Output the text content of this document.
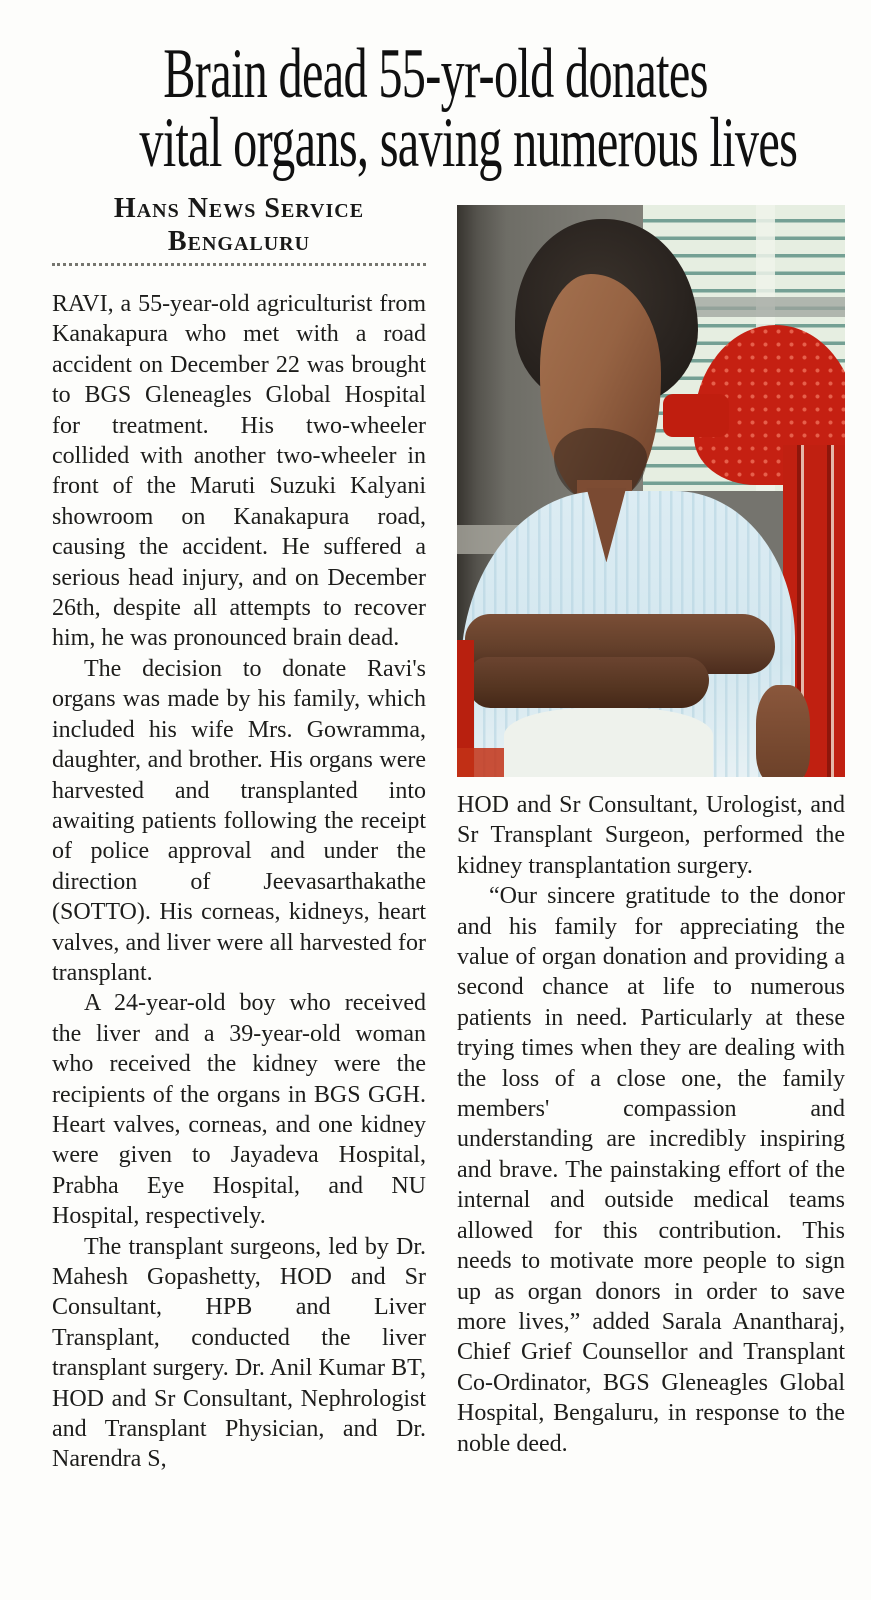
Brain dead 55-yr-old donates
vital organs, saving numerous lives
Hans News Service
Bengaluru

RAVI, a 55-year-old agriculturist from Kanakapura who met with a road accident on December 22 was brought to BGS Gleneagles Global Hospital for treatment. His two-wheeler collided with another two-wheeler in front of the Maruti Suzuki Kalyani showroom on Kanakapura road, causing the accident. He suffered a serious head injury, and on December 26th, despite all attempts to recover him, he was pronounced brain dead.

The decision to donate Ravi's organs was made by his family, which included his wife Mrs. Gowramma, daughter, and brother. His organs were harvested and transplanted into awaiting patients following the receipt of police approval and under the direction of Jeevasarthakathe (SOTTO). His corneas, kidneys, heart valves, and liver were all harvested for transplant.

A 24-year-old boy who received the liver and a 39-year-old woman who received the kidney were the recipients of the organs in BGS GGH. Heart valves, corneas, and one kidney were given to Jayadeva Hospital, Prabha Eye Hospital, and NU Hospital, respectively.

The transplant surgeons, led by Dr. Mahesh Gopashetty, HOD and Sr Consultant, HPB and Liver Transplant, conducted the liver transplant surgery. Dr. Anil Kumar BT, HOD and Sr Consultant, Nephrologist and Transplant Physician, and Dr. Narendra S,

HOD and Sr Consultant, Urologist, and Sr Transplant Surgeon, performed the kidney transplantation surgery.

“Our sincere gratitude to the donor and his family for appreciating the value of organ donation and providing a second chance at life to numerous patients in need. Particularly at these trying times when they are dealing with the loss of a close one, the family members' compassion and understanding are incredibly inspiring and brave. The painstaking effort of the internal and outside medical teams allowed for this contribution. This needs to motivate more people to sign up as organ donors in order to save more lives,” added Sarala Anantharaj, Chief Grief Counsellor and Transplant Co-Ordinator, BGS Gleneagles Global Hospital, Bengaluru, in response to the noble deed.
